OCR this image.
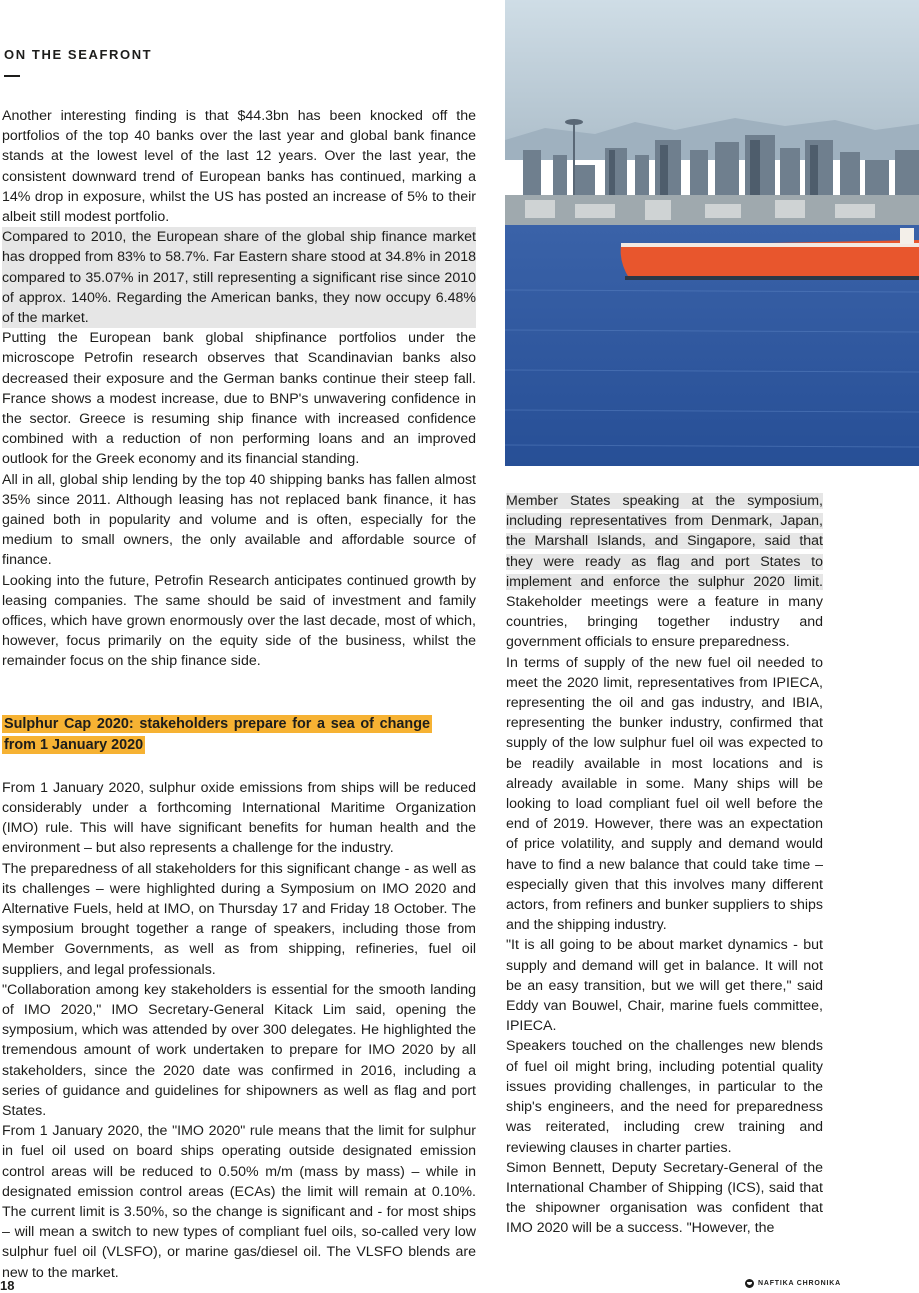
ON THE SEAFRONT

Another interesting finding is that $44.3bn has been knocked off the portfolios of the top 40 banks over the last year and global bank finance stands at the lowest level of the last 12 years. Over the last year, the consistent downward trend of European banks has continued, marking a 14% drop in exposure, whilst the US has posted an increase of 5% to their albeit still modest portfolio.

Compared to 2010, the European share of the global ship finance market has dropped from 83% to 58.7%. Far Eastern share stood at 34.8% in 2018 compared to 35.07% in 2017, still representing a significant rise since 2010 of approx. 140%. Regarding the American banks, they now occupy 6.48% of the market.

Putting the European bank global shipfinance portfolios under the microscope Petrofin research observes that Scandinavian banks also decreased their exposure and the German banks continue their steep fall. France shows a modest increase, due to BNP's unwavering confidence in the sector. Greece is resuming ship finance with increased confidence combined with a reduction of non performing loans and an improved outlook for the Greek economy and its financial standing.

All in all, global ship lending by the top 40 shipping banks has fallen almost 35% since 2011. Although leasing has not replaced bank finance, it has gained both in popularity and volume and is often, especially for the medium to small owners, the only available and affordable source of finance.

Looking into the future, Petrofin Research anticipates continued growth by leasing companies. The same should be said of investment and family offices, which have grown enormously over the last decade, most of which, however, focus primarily on the equity side of the business, whilst the remainder focus on the ship finance side.

Sulphur Cap 2020: stakeholders prepare for a sea of change from 1 January 2020

From 1 January 2020, sulphur oxide emissions from ships will be reduced considerably under a forthcoming International Maritime Organization (IMO) rule. This will have significant benefits for human health and the environment – but also represents a challenge for the industry.

The preparedness of all stakeholders for this significant change - as well as its challenges – were highlighted during a Symposium on IMO 2020 and Alternative Fuels, held at IMO, on Thursday 17 and Friday 18 October. The symposium brought together a range of speakers, including those from Member Governments, as well as from shipping, refineries, fuel oil suppliers, and legal professionals.

"Collaboration among key stakeholders is essential for the smooth landing of IMO 2020," IMO Secretary-General Kitack Lim said, opening the symposium, which was attended by over 300 delegates. He highlighted the tremendous amount of work undertaken to prepare for IMO 2020 by all stakeholders, since the 2020 date was confirmed in 2016, including a series of guidance and guidelines for shipowners as well as flag and port States.

From 1 January 2020, the "IMO 2020" rule means that the limit for sulphur in fuel oil used on board ships operating outside designated emission control areas will be reduced to 0.50% m/m (mass by mass) – while in designated emission control areas (ECAs) the limit will remain at 0.10%. The current limit is 3.50%, so the change is significant and - for most ships – will mean a switch to new types of compliant fuel oils, so-called very low sulphur fuel oil (VLSFO), or marine gas/diesel oil. The VLSFO blends are new to the market.

Member States speaking at the symposium, including representatives from Denmark, Japan, the Marshall Islands, and Singapore, said that they were ready as flag and port States to implement and enforce the sulphur 2020 limit. Stakeholder meetings were a feature in many countries, bringing together industry and government officials to ensure preparedness.

In terms of supply of the new fuel oil needed to meet the 2020 limit, representatives from IPIECA, representing the oil and gas industry, and IBIA, representing the bunker industry, confirmed that supply of the low sulphur fuel oil was expected to be readily available in most locations and is already available in some. Many ships will be looking to load compliant fuel oil well before the end of 2019. However, there was an expectation of price volatility, and supply and demand would have to find a new balance that could take time – especially given that this involves many different actors, from refiners and bunker suppliers to ships and the shipping industry.

"It is all going to be about market dynamics - but supply and demand will get in balance. It will not be an easy transition, but we will get there," said Eddy van Bouwel, Chair, marine fuels committee, IPIECA.

Speakers touched on the challenges new blends of fuel oil might bring, including potential quality issues providing challenges, in particular to the ship's engineers, and the need for preparedness was reiterated, including crew training and reviewing clauses in charter parties.

Simon Bennett, Deputy Secretary-General of the International Chamber of Shipping (ICS), said that the shipowner organisation was confident that IMO 2020 will be a success. "However, the

18	NAFTIKA CHRONIKA
